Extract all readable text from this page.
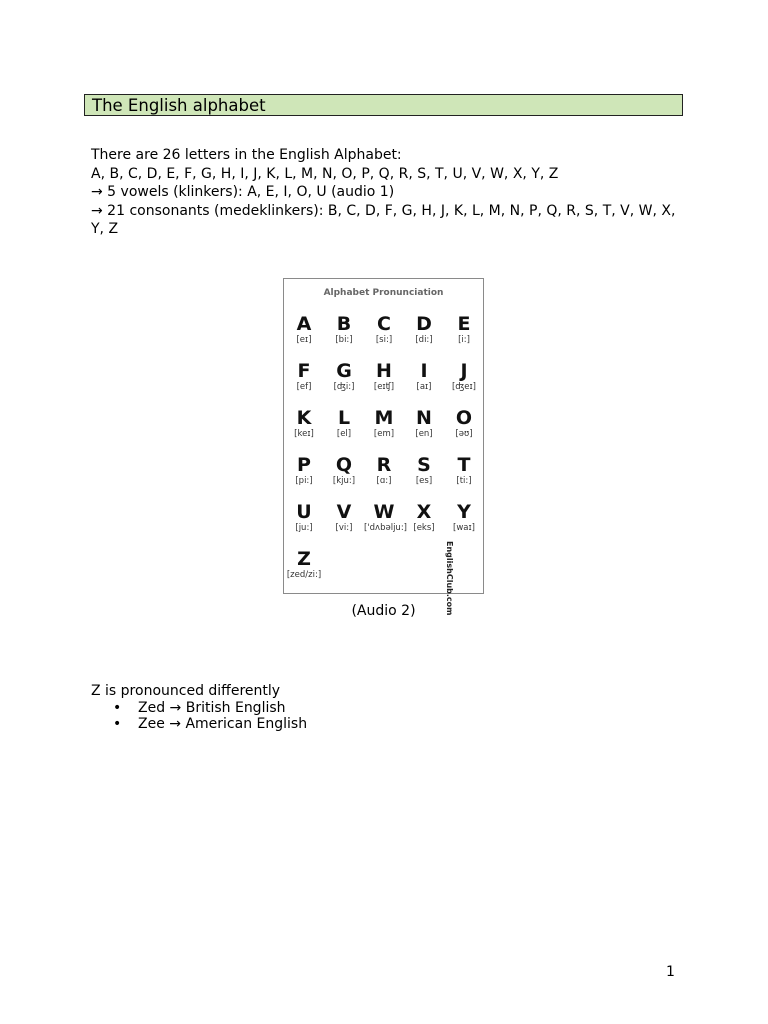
The English alphabet
There are 26 letters in the English Alphabet:
A, B, C, D, E, F, G, H, I, J, K, L, M, N, O, P, Q, R, S, T, U, V, W, X, Y, Z
→ 5 vowels (klinkers): A, E, I, O, U (audio 1)
→ 21 consonants (medeklinkers): B, C, D, F, G, H, J, K, L, M, N, P, Q, R, S, T, V, W, X, Y, Z
Alphabet Pronunciation
EnglishClub.com
A
[eɪ]
B
[bi:]
C
[si:]
D
[di:]
E
[i:]
F
[ef]
G
[ʤi:]
H
[eɪʧ]
I
[aɪ]
J
[ʤeɪ]
K
[keɪ]
L
[el]
M
[em]
N
[en]
O
[əʊ]
P
[pi:]
Q
[kju:]
R
[ɑ:]
S
[es]
T
[ti:]
U
[ju:]
V
[vi:]
W
['dʌbəlju:]
X
[eks]
Y
[waɪ]
Z
[zed/zi:]
(Audio 2)
Z is pronounced differently
• Zed → British English
• Zee → American English
1
